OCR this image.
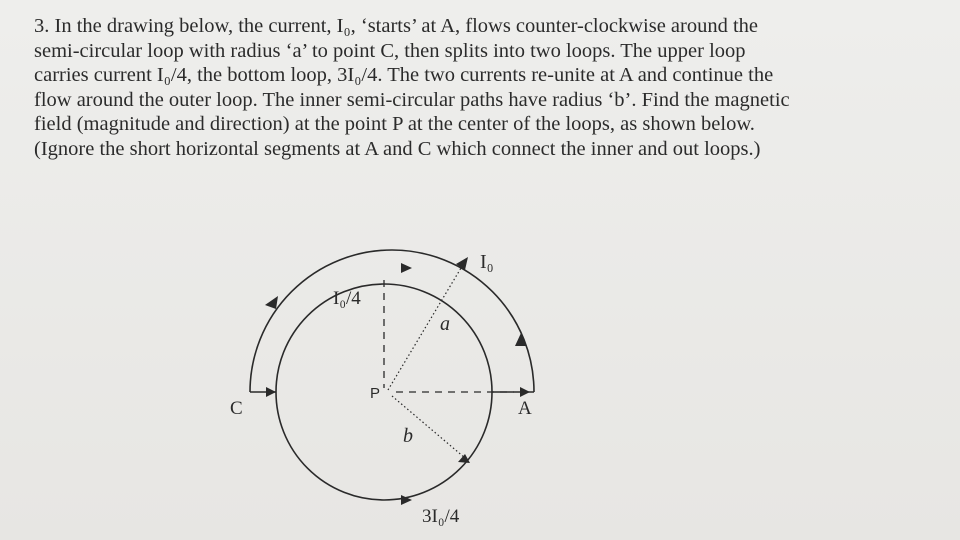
3. In the drawing below, the current, I₀, ‘starts’ at A, flows counter-clockwise around the
semi-circular loop with radius ‘a’ to point C, then splits into two loops. The upper loop
carries current I₀/4, the bottom loop, 3I₀/4. The two currents re-unite at A and continue the
flow around the outer loop. The inner semi-circular paths have radius ‘b’. Find the magnetic
field (magnitude and direction) at the point P at the center of the loops, as shown below.
(Ignore the short horizontal segments at A and C which connect the inner and out loops.)
I₀
I₀/4
3I₀/4
a
b
P
A
C
